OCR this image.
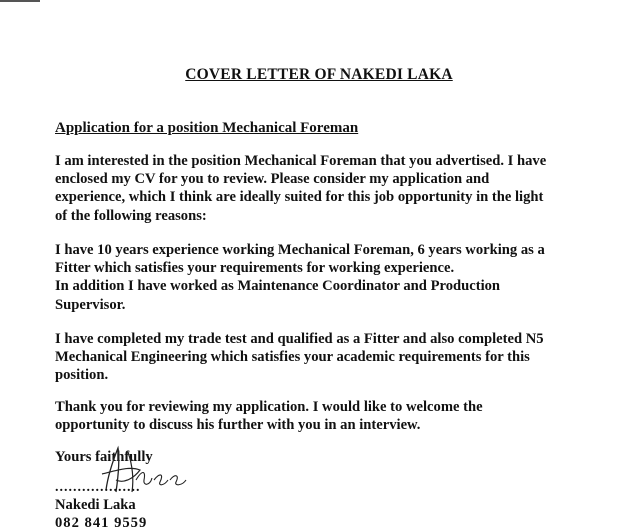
COVER LETTER OF NAKEDI LAKA
Application for a position Mechanical Foreman

I am interested in the position Mechanical Foreman that you advertised. I have
enclosed my CV for you to review. Please consider my application and
experience, which I think are ideally suited for this job opportunity in the light
of the following reasons:

I have 10 years experience working Mechanical Foreman, 6 years working as a
Fitter which satisfies your requirements for working experience.
In addition I have worked as Maintenance Coordinator and Production
Supervisor.

I have completed my trade test and qualified as a Fitter and also completed N5
Mechanical Engineering which satisfies your academic requirements for this
position.

Thank you for reviewing my application. I would like to welcome the
opportunity to discuss his further with you in an interview.

Yours faithfully
...................
Nakedi Laka
082 841 9559
